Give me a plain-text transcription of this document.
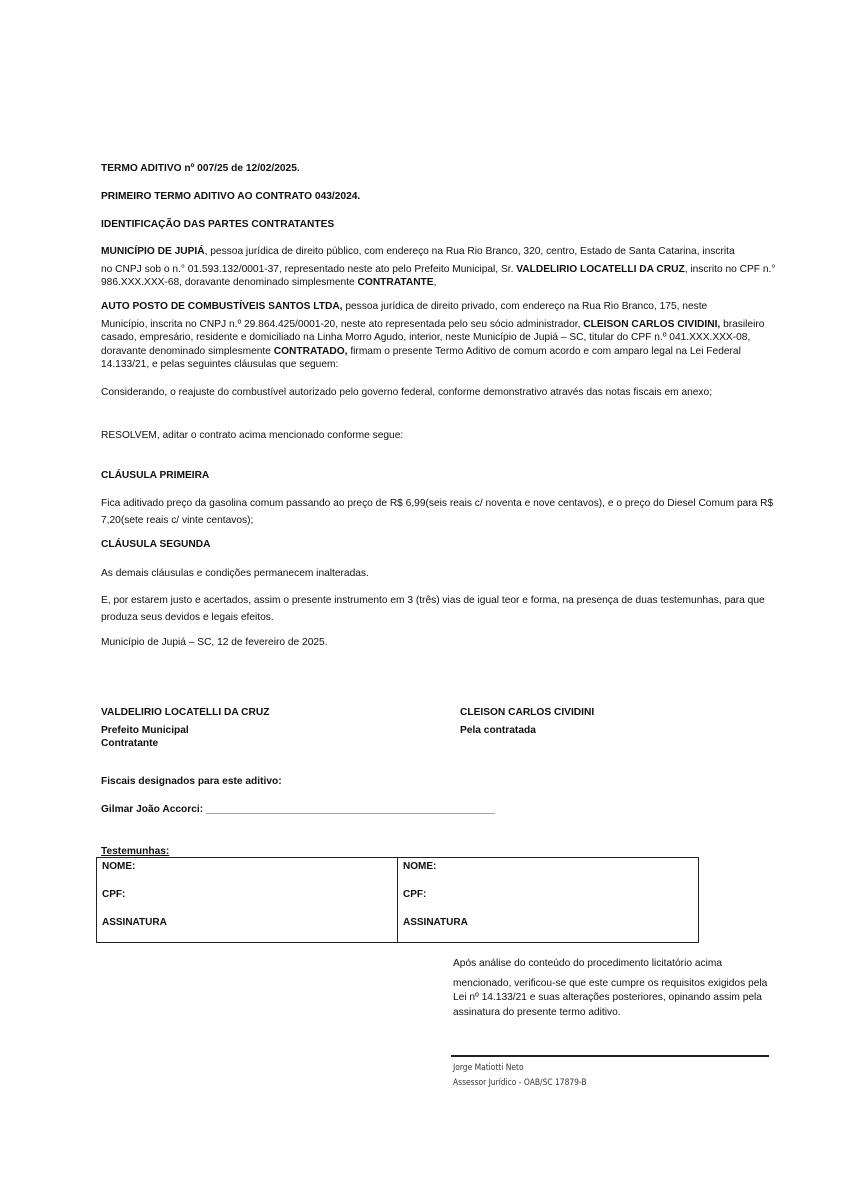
TERMO ADITIVO nº 007/25 de 12/02/2025.
PRIMEIRO TERMO ADITIVO AO CONTRATO 043/2024.
IDENTIFICAÇÃO DAS PARTES CONTRATANTES

MUNICÍPIO DE JUPIÁ, pessoa jurídica de direito público, com endereço na Rua Rio Branco, 320, centro, Estado de Santa Catarina, inscrita

no CNPJ sob o n.° 01.593.132/0001-37, representado neste ato pelo Prefeito Municipal, Sr. VALDELIRIO LOCATELLI DA CRUZ, inscrito no CPF n.°

986.XXX.XXX-68, doravante denominado simplesmente CONTRATANTE,

AUTO POSTO DE COMBUSTÍVEIS SANTOS LTDA, pessoa jurídica de direito privado, com endereço na Rua Rio Branco, 175, neste

Município, inscrita no CNPJ n.º 29.864.425/0001-20, neste ato representada pelo seu sócio administrador, CLEISON CARLOS CIVIDINI, brasileiro

casado, empresário, residente e domiciliado na Linha Morro Agudo, interior, neste Município de Jupiá – SC, titular do CPF n.º 041.XXX.XXX-08,

doravante denominado simplesmente CONTRATADO, firmam o presente Termo Aditivo de comum acordo e com amparo legal na Lei Federal

14.133/21, e pelas seguintes cláusulas que seguem:

Considerando, o reajuste do combustível autorizado pelo governo federal, conforme demonstrativo através das notas fiscais em anexo;
RESOLVEM, aditar o contrato acima mencionado conforme segue:
CLÁUSULA PRIMEIRA

Fica aditivado preço da gasolina comum passando ao preço de R$ 6,99(seis reais c/ noventa e nove centavos), e o preço do Diesel Comum para R$

7,20(sete reais c/ vinte centavos);

CLÁUSULA SEGUNDA
As demais cláusulas e condições permanecem inalteradas.

E, por estarem justo e acertados, assim o presente instrumento em 3 (três) vias de igual teor e forma, na presença de duas testemunhas, para que

produza seus devidos e legais efeitos.

Município de Jupiá – SC, 12 de fevereiro de 2025.
VALDELIRIO LOCATELLI DA CRUZ
Prefeito Municipal
Contratante
CLEISON CARLOS CIVIDINI
Pela contratada
Fiscais designados para este aditivo:
Gilmar João Accorci: ___________________________________________________
Testemunhas:
NOME:
CPF:
ASSINATURA

NOME:
CPF:
ASSINATURA

Após análise do conteúdo do procedimento licitatório acima

mencionado, verificou-se que este cumpre os requisitos exigidos pela

Lei nº 14.133/21 e suas alterações posteriores, opinando assim pela

assinatura do presente termo aditivo.

Jorge Matiotti Neto
Assessor Jurídico - OAB/SC 17879-B
